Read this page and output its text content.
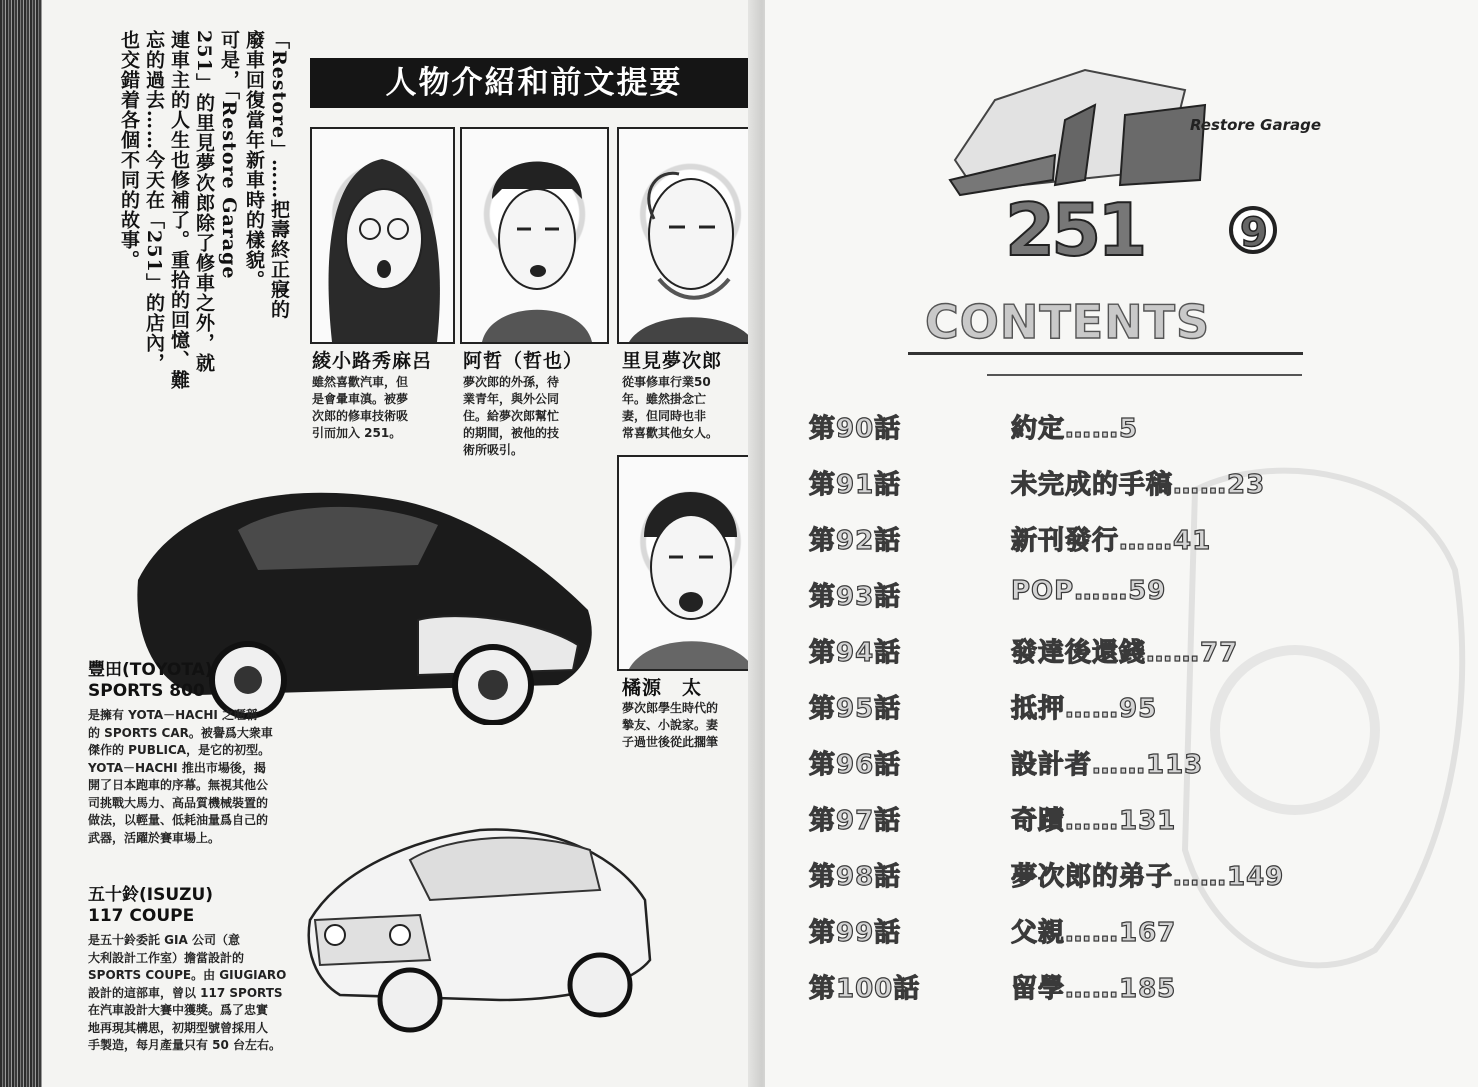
「Restore」……把壽終正寢的
廢車回復當年新車時的樣貌。
可是，「Restore Garage
251」的里見夢次郎除了修車之外，就
連車主的人生也修補了。重拾的回憶、難
忘的過去……今天在「251」的店內，
也交錯着各個不同的故事。	人物介紹和前文提要
綾小路秀麻呂
雖然喜歡汽車，但
是會暈車滇。被夢
次郎的修車技術吸
引而加入 251。
阿哲（哲也）
夢次郎的外孫，待
業青年，與外公同
住。給夢次郎幫忙
的期間，被他的技
術所吸引。
里見夢次郎
從事修車行業50
年。雖然掛念亡
妻，但同時也非
常喜歡其他女人。
橘源　太
夢次郎學生時代的
摯友、小說家。妻
子過世後從此擱筆
豐田(TOYOTA)
SPORTS 800
是擁有 YOTA－HACHI 之暱稱
的 SPORTS CAR。被譽爲大衆車
傑作的 PUBLICA，是它的初型。
YOTA－HACHI 推出市場後，揭
開了日本跑車的序幕。無視其他公
司挑戰大馬力、高品質機械裝置的
做法，以輕量、低耗油量爲自己的
武器，活躍於賽車場上。
五十鈴(ISUZU)
117 COUPE
是五十鈴委託 GIA 公司（意
大利設計工作室）擔當設計的
SPORTS COUPE。由 GIUGIARO
設計的這部車，曾以 117 SPORTS
在汽車設計大賽中獲獎。爲了忠實
地再現其構思，初期型號曾採用人
手製造，每月產量只有 50 台左右。
Restore Garage
251 9
CONTENTS
第90話	約定……5
第91話	未完成的手稿……23
第92話	新刊發行……41
第93話	POP……59
第94話	發達後還錢……77
第95話	抵押……95
第96話	設計者……113
第97話	奇蹟……131
第98話	夢次郎的弟子……149
第99話	父親……167
第100話	留學……185
